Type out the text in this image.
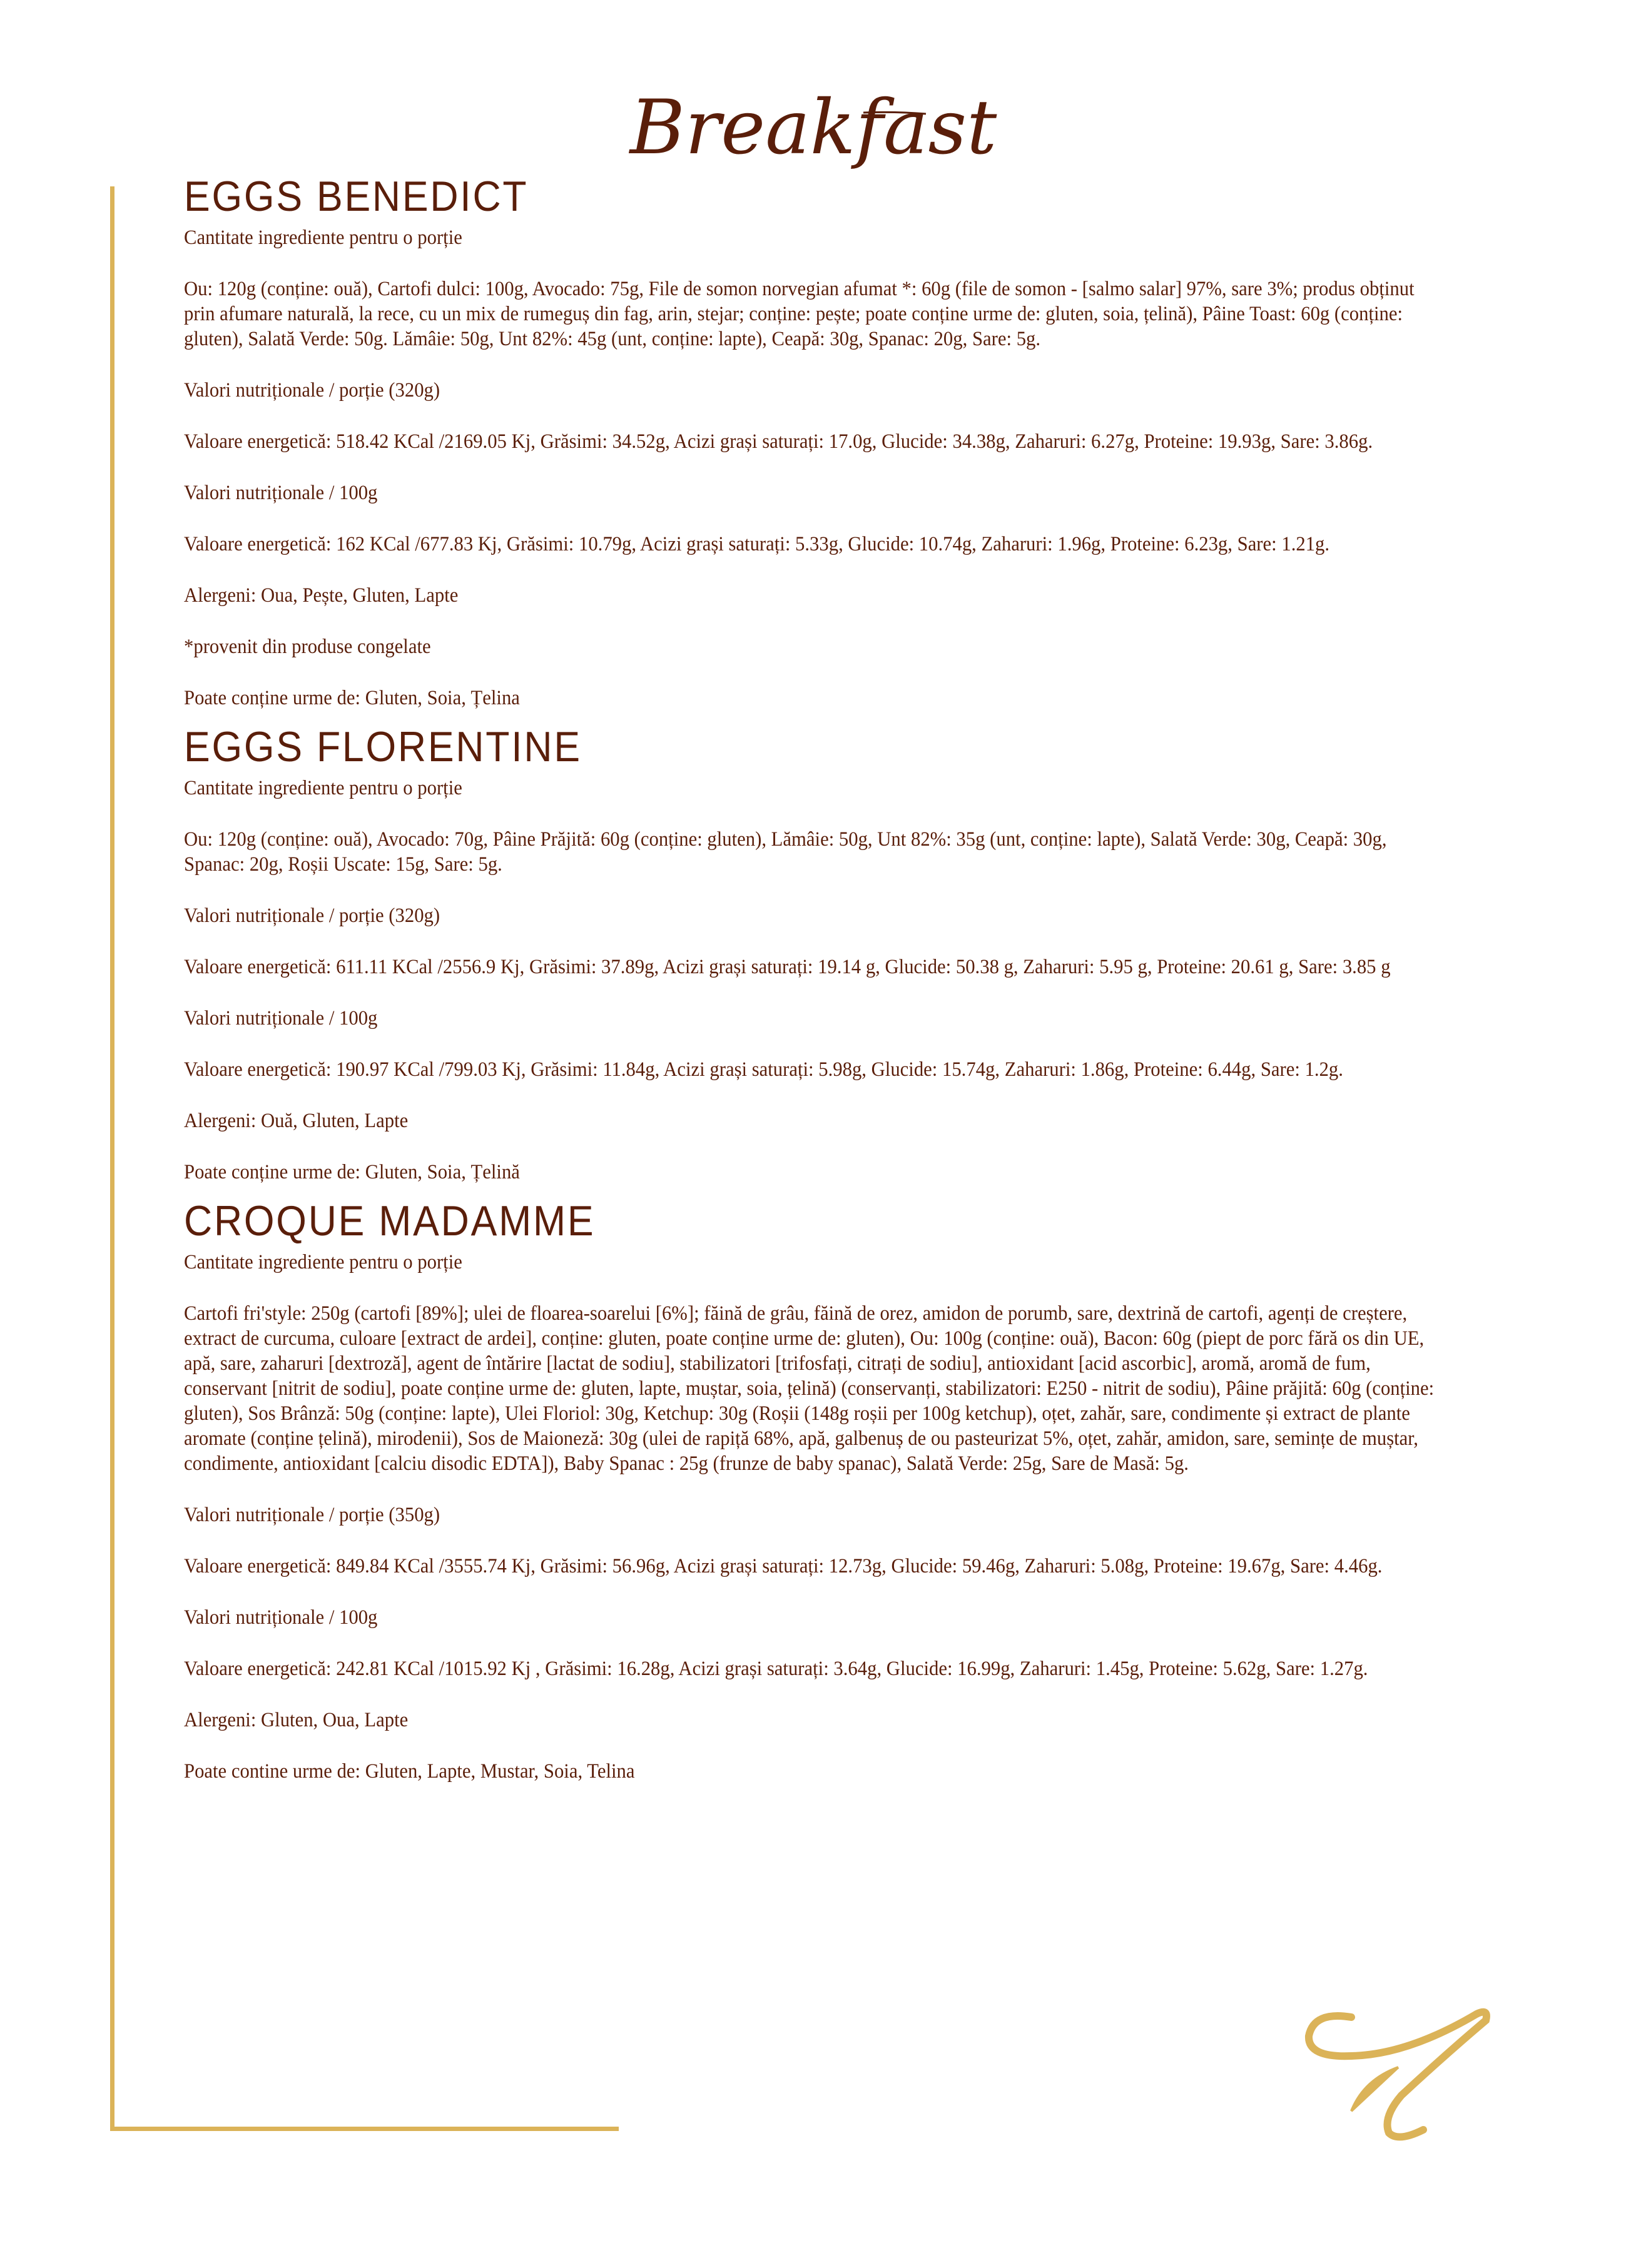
Breakfast
EGGS BENEDICT

Cantitate ingrediente pentru o porție

Ou: 120g (conține: ouă), Cartofi dulci: 100g, Avocado: 75g, File de somon norvegian afumat *: 60g (file de somon - [salmo salar] 97%, sare 3%; produs obținut prin afumare naturală, la rece, cu un mix de rumeguș din fag, arin, stejar; conține: pește; poate conține urme de: gluten, soia, țelină), Pâine Toast: 60g (conține: gluten), Salată Verde: 50g. Lămâie: 50g, Unt 82%: 45g (unt, conține: lapte), Ceapă: 30g, Spanac: 20g, Sare: 5g.

Valori nutriționale / porție (320g)

Valoare energetică: 518.42 KCal /2169.05 Kj, Grăsimi: 34.52g, Acizi grași saturați: 17.0g, Glucide: 34.38g, Zaharuri: 6.27g, Proteine: 19.93g, Sare: 3.86g.

Valori nutriționale / 100g

Valoare energetică: 162 KCal /677.83 Kj, Grăsimi: 10.79g, Acizi grași saturați: 5.33g, Glucide: 10.74g, Zaharuri: 1.96g, Proteine: 6.23g, Sare: 1.21g.

Alergeni: Oua, Pește, Gluten, Lapte

*provenit din produse congelate

Poate conține urme de: Gluten, Soia, Țelina

EGGS FLORENTINE

Cantitate ingrediente pentru o porție

Ou: 120g (conține: ouă), Avocado: 70g, Pâine Prăjită: 60g (conține: gluten), Lămâie: 50g, Unt 82%: 35g (unt, conține: lapte), Salată Verde: 30g, Ceapă: 30g, Spanac: 20g, Roșii Uscate: 15g, Sare: 5g.

Valori nutriționale / porție (320g)

Valoare energetică: 611.11 KCal /2556.9 Kj, Grăsimi: 37.89g, Acizi grași saturați: 19.14 g, Glucide: 50.38 g, Zaharuri: 5.95 g, Proteine: 20.61 g, Sare: 3.85 g

Valori nutriționale / 100g

Valoare energetică: 190.97 KCal /799.03 Kj, Grăsimi: 11.84g, Acizi grași saturați: 5.98g, Glucide: 15.74g, Zaharuri: 1.86g, Proteine: 6.44g, Sare: 1.2g.

Alergeni: Ouă, Gluten, Lapte

Poate conține urme de: Gluten, Soia, Țelină

CROQUE MADAMME

Cantitate ingrediente pentru o porție

Cartofi fri'style: 250g (cartofi [89%]; ulei de floarea-soarelui [6%]; făină de grâu, făină de orez, amidon de porumb, sare, dextrină de cartofi, agenți de creștere, extract de curcuma, culoare [extract de ardei], conține: gluten, poate conține urme de: gluten), Ou: 100g (conține: ouă), Bacon: 60g (piept de porc fără os din UE, apă, sare, zaharuri [dextroză], agent de întărire [lactat de sodiu], stabilizatori [trifosfați, citrați de sodiu], antioxidant [acid ascorbic], aromă, aromă de fum, conservant [nitrit de sodiu], poate conține urme de: gluten, lapte, muștar, soia, țelină) (conservanți, stabilizatori: E250 - nitrit de sodiu), Pâine prăjită: 60g (conține: gluten), Sos Brânză: 50g (conține: lapte), Ulei Floriol: 30g, Ketchup: 30g (Roșii (148g roșii per 100g ketchup), oțet, zahăr, sare, condimente și extract de plante aromate (conține țelină), mirodenii), Sos de Maioneză: 30g (ulei de rapiță 68%, apă, galbenuș de ou pasteurizat 5%, oțet, zahăr, amidon, sare, semințe de muștar, condimente, antioxidant [calciu disodic EDTA]), Baby Spanac : 25g (frunze de baby spanac), Salată Verde: 25g, Sare de Masă: 5g.

Valori nutriționale / porție (350g)

Valoare energetică: 849.84 KCal /3555.74 Kj, Grăsimi: 56.96g, Acizi grași saturați: 12.73g, Glucide: 59.46g, Zaharuri: 5.08g, Proteine: 19.67g, Sare: 4.46g.

Valori nutriționale / 100g

Valoare energetică: 242.81 KCal /1015.92 Kj , Grăsimi: 16.28g, Acizi grași saturați: 3.64g, Glucide: 16.99g, Zaharuri: 1.45g, Proteine: 5.62g, Sare: 1.27g.

Alergeni: Gluten, Oua, Lapte

Poate contine urme de: Gluten, Lapte, Mustar, Soia, Telina
